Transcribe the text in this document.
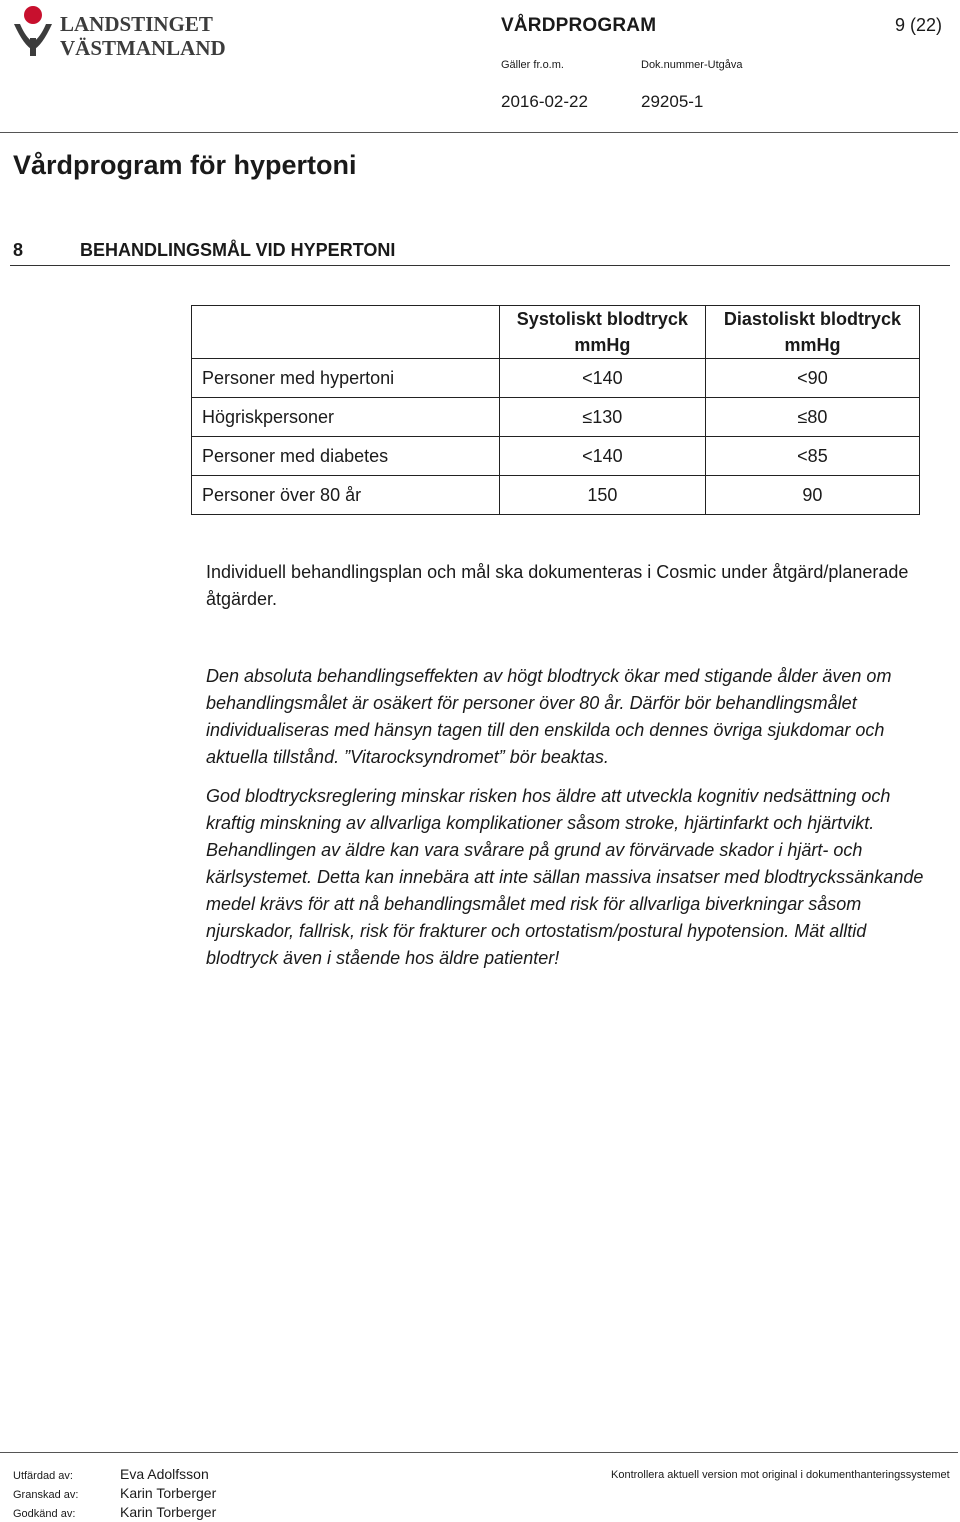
LANDSTINGET
VÄSTMANLAND
VÅRDPROGRAM	9 (22)
Gäller fr.o.m.	Dok.nummer-Utgåva
2016-02-22	29205-1
Vårdprogram för hypertoni
8	BEHANDLINGSMÅL VID HYPERTONI
	Systoliskt blodtryck mmHg	Diastoliskt blodtryck mmHg
Personer med hypertoni	<140	<90
Högriskpersoner	≤130	≤80
Personer med diabetes	<140	<85
Personer över 80 år	150	90
Individuell behandlingsplan och mål ska dokumenteras i Cosmic under åtgärd/planerade åtgärder.
Den absoluta behandlingseffekten av högt blodtryck ökar med stigande ålder även om behandlingsmålet är osäkert för personer över 80 år. Därför bör behandlingsmålet individualiseras med hänsyn tagen till den enskilda och dennes övriga sjukdomar och aktuella tillstånd. ”Vitarocksyndromet” bör beaktas.
God blodtrycksreglering minskar risken hos äldre att utveckla kognitiv nedsättning och kraftig minskning av allvarliga komplikationer såsom stroke, hjärtinfarkt och hjärtvikt. Behandlingen av äldre kan vara svårare på grund av förvärvade skador i hjärt- och kärlsystemet. Detta kan innebära att inte sällan massiva insatser med blodtryckssänkande medel krävs för att nå behandlingsmålet med risk för allvarliga biverkningar såsom njurskador, fallrisk, risk för frakturer och ortostatism/postural hypotension. Mät alltid blodtryck även i stående hos äldre patienter!
Utfärdad av:	Eva Adolfsson
Granskad av:	Karin Torberger
Godkänd av:	Karin Torberger
Kontrollera aktuell version mot original i dokumenthanteringssystemet
